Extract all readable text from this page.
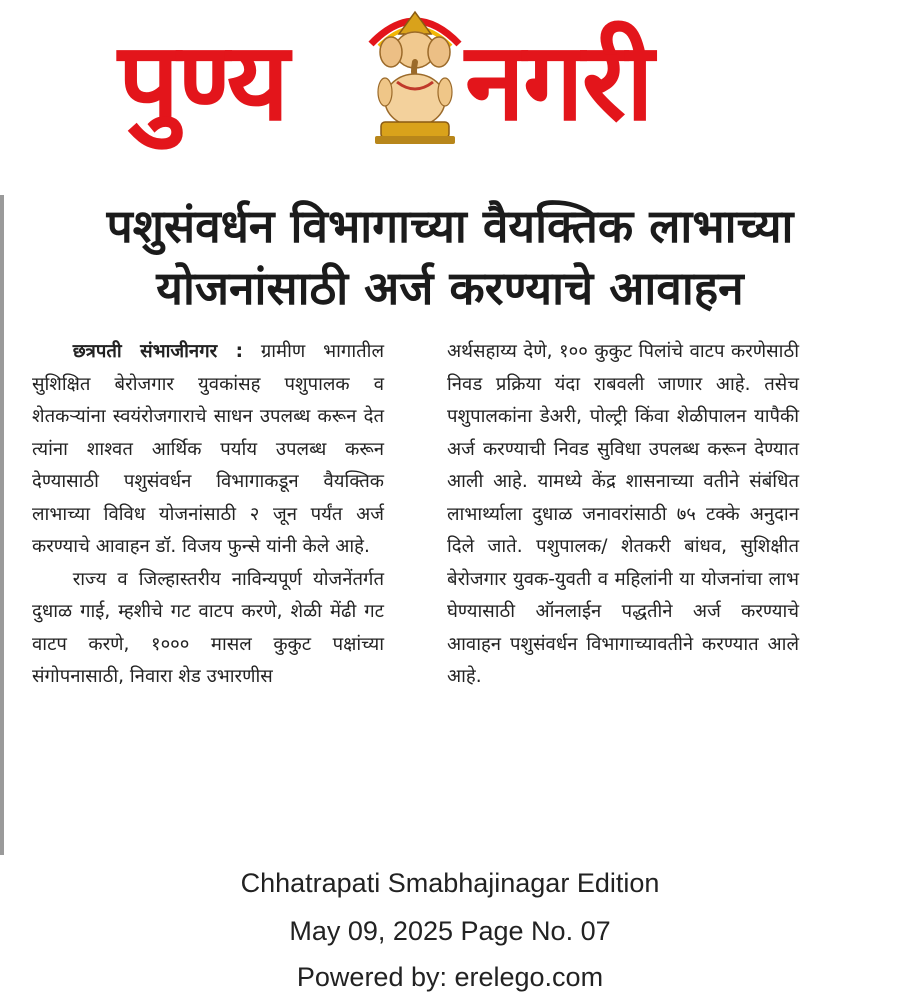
पुण्य नगरी
पशुसंवर्धन विभागाच्या वैयक्तिक लाभाच्या
योजनांसाठी अर्ज करण्याचे आवाहन

छत्रपती संभाजीनगर : ग्रामीण भागातील सुशिक्षित बेरोजगार युवकांसह पशुपालक व शेतकऱ्यांना स्वयंरोजगाराचे साधन उपलब्ध करून देत त्यांना शाश्वत आर्थिक पर्याय उपलब्ध करून देण्यासाठी पशुसंवर्धन विभागाकडून वैयक्तिक लाभाच्या विविध योजनांसाठी २ जून पर्यंत अर्ज करण्याचे आवाहन डॉ. विजय फुन्से यांनी केले आहे.

राज्य व जिल्हास्तरीय नाविन्यपूर्ण योजनेंतर्गत दुधाळ गाई, म्हशीचे गट वाटप करणे, शेळी मेंढी गट वाटप करणे, १००० मासल कुकुट पक्षांच्या संगोपनासाठी, निवारा शेड उभारणीस

अर्थसहाय्य देणे, १०० कुकुट पिलांचे वाटप करणेसाठी निवड प्रक्रिया यंदा राबवली जाणार आहे. तसेच पशुपालकांना डेअरी, पोल्ट्री किंवा शेळीपालन यापैकी अर्ज करण्याची निवड सुविधा उपलब्ध करून देण्यात आली आहे. यामध्ये केंद्र शासनाच्या वतीने संबंधित लाभार्थ्याला दुधाळ जनावरांसाठी ७५ टक्के अनुदान दिले जाते. पशुपालक/ शेतकरी बांधव, सुशिक्षीत बेरोजगार युवक-युवती व महिलांनी या योजनांचा लाभ घेण्यासाठी ऑनलाईन पद्धतीने अर्ज करण्याचे आवाहन पशुसंवर्धन विभागाच्यावतीने करण्यात आले आहे.

Chhatrapati Smabhajinagar Edition
May 09, 2025 Page No. 07
Powered by: erelego.com
